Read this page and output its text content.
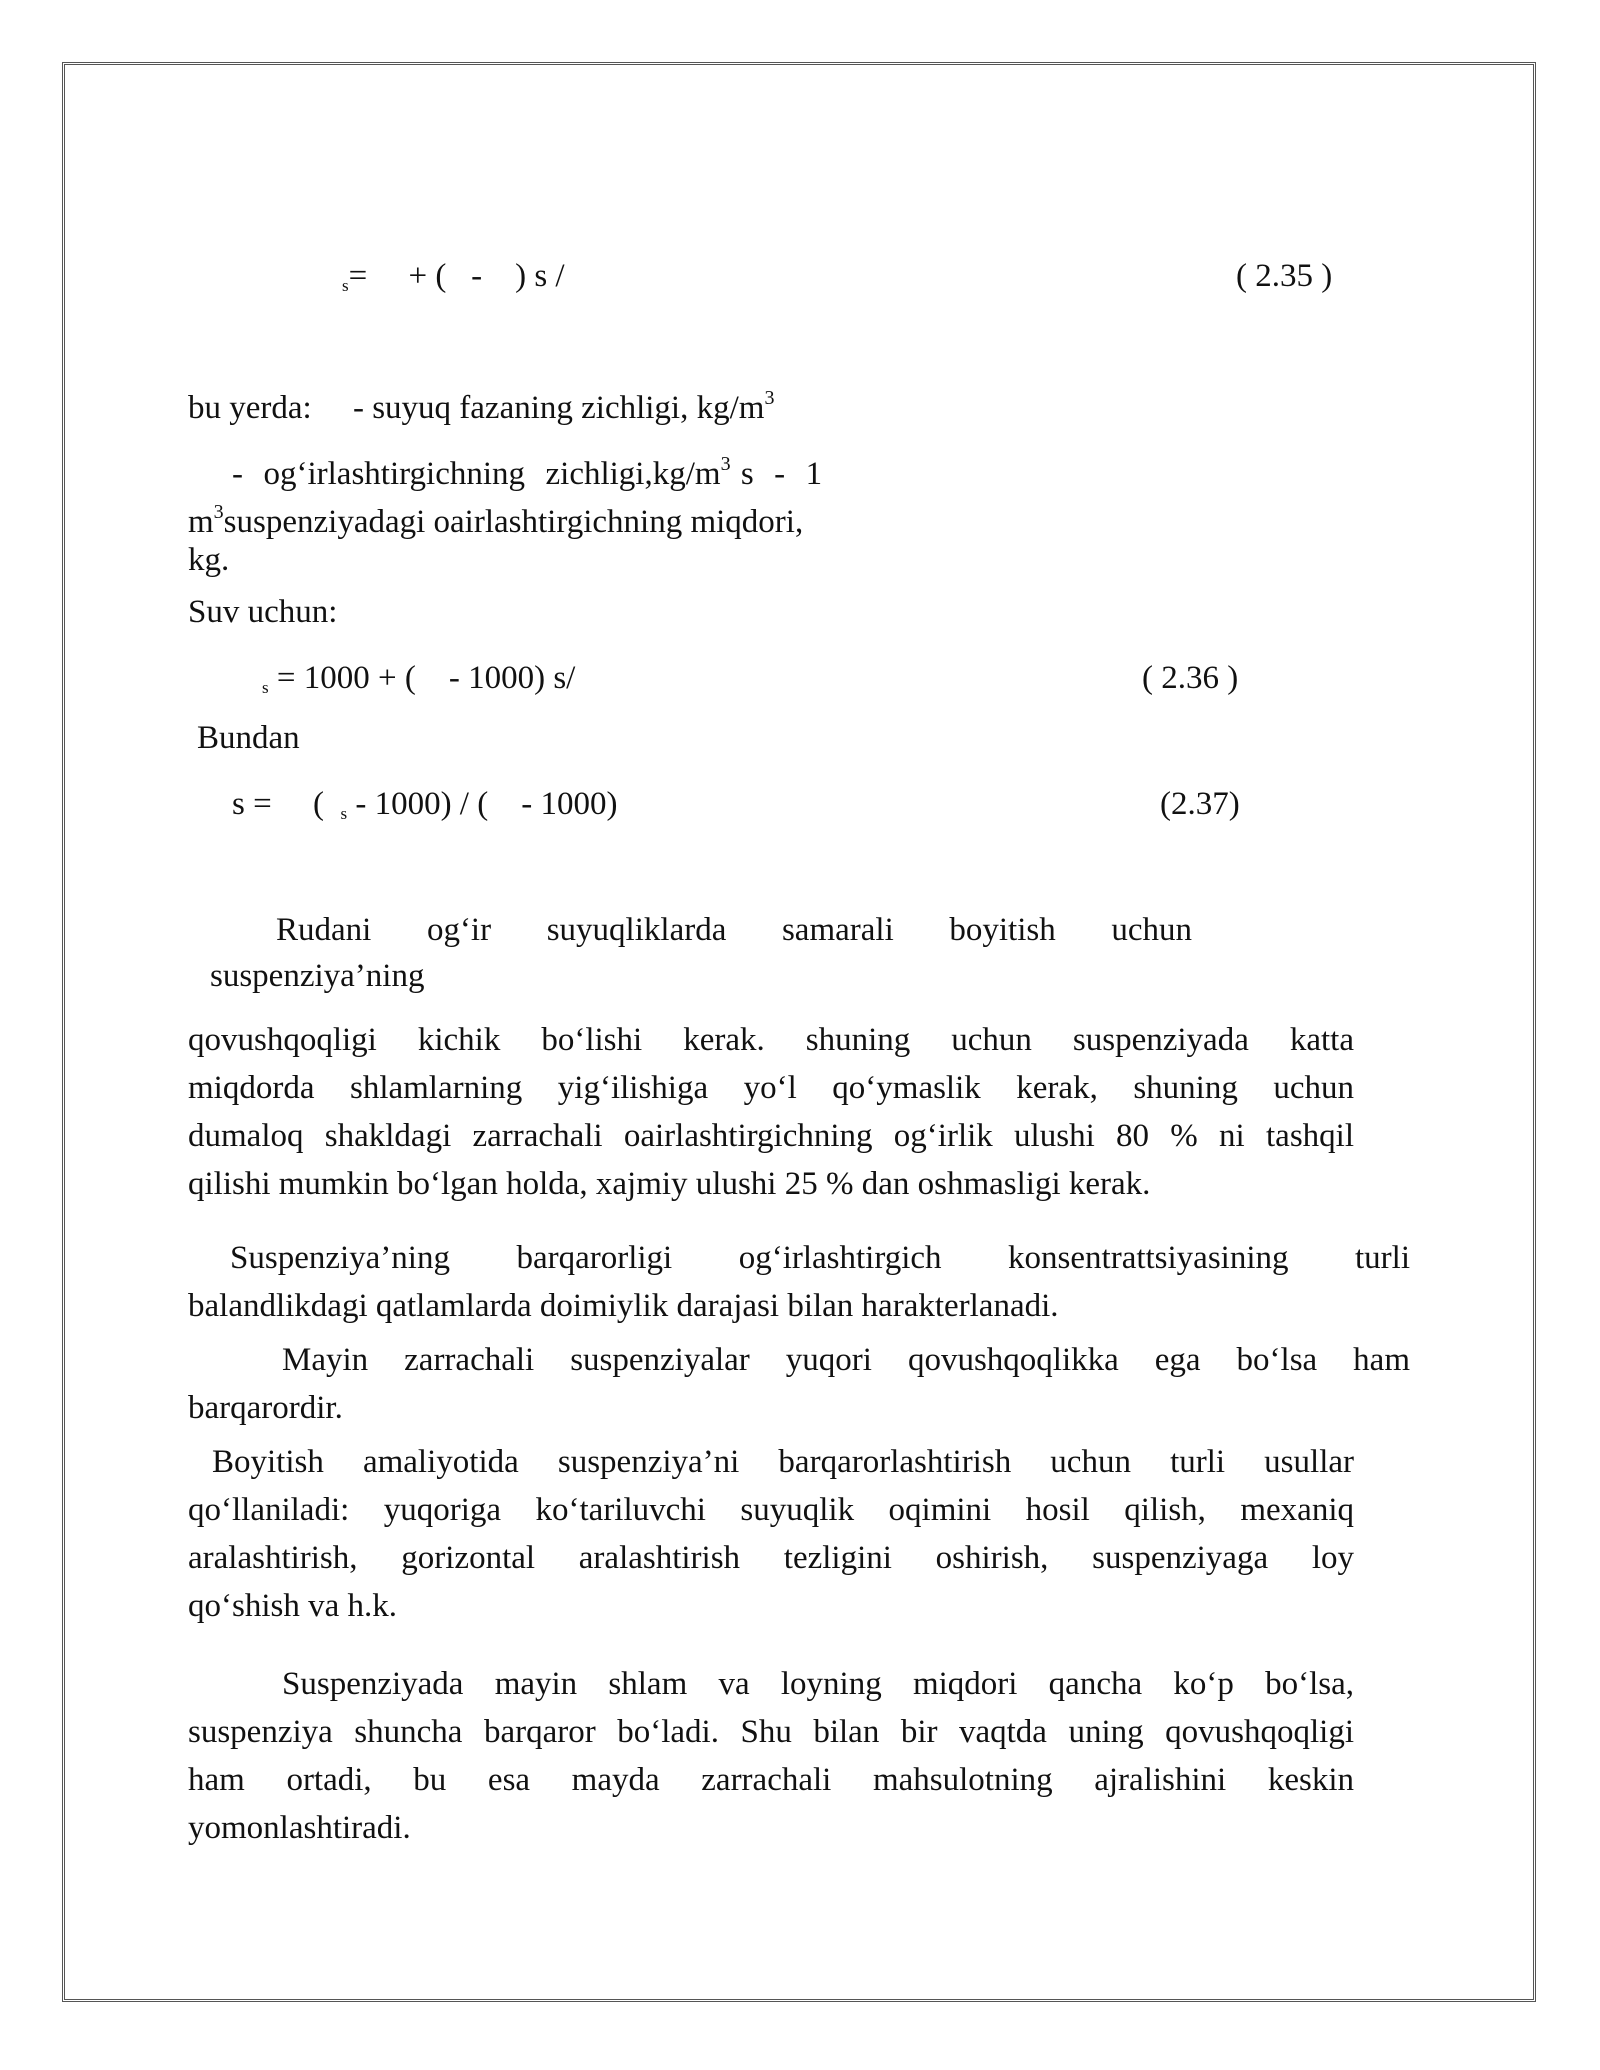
$_s$= + (   -    ) s /	( 2.35 )
bu yerda: - suyuq fazaning zichligi, $kg/m^3$
-  og‘irlashtirgichning  $zichligi,kg/m^3$ s  -  1
$m^3suspenziyadagi$ oairlashtirgichning miqdori,
kg.
Suv uchun:
$_s$ = 1000 + (    - 1000) s/	( 2.36 )
Bundan
s =     (  $_s$ - 1000) / (    - 1000)	(2.37)
Rudani og‘ir suyuqliklarda samarali boyitish uchun
suspenziya’ning
qovushqoqligi kichik bo‘lishi kerak. shuning uchun suspenziyada katta
miqdorda shlamlarning yig‘ilishiga yo‘l qo‘ymaslik kerak, shuning uchun
dumaloq shakldagi zarrachali oairlashtirgichning og‘irlik ulushi 80 % ni tashqil
qilishi mumkin bo‘lgan holda, xajmiy ulushi 25 % dan oshmasligi kerak.
Suspenziya’ning barqarorligi og‘irlashtirgich konsentrattsiyasining turli
balandlikdagi qatlamlarda doimiylik darajasi bilan harakterlanadi.
Mayin zarrachali suspenziyalar yuqori qovushqoqlikka ega bo‘lsa ham
barqarordir.
Boyitish amaliyotida suspenziya’ni barqarorlashtirish uchun turli usullar
qo‘llaniladi: yuqoriga ko‘tariluvchi suyuqlik oqimini hosil qilish, mexaniq
aralashtirish, gorizontal aralashtirish tezligini oshirish, suspenziyaga loy
qo‘shish va h.k.
Suspenziyada mayin shlam va loyning miqdori qancha ko‘p bo‘lsa,
suspenziya shuncha barqaror bo‘ladi. Shu bilan bir vaqtda uning qovushqoqligi
ham ortadi, bu esa mayda zarrachali mahsulotning ajralishini keskin
yomonlashtiradi.
